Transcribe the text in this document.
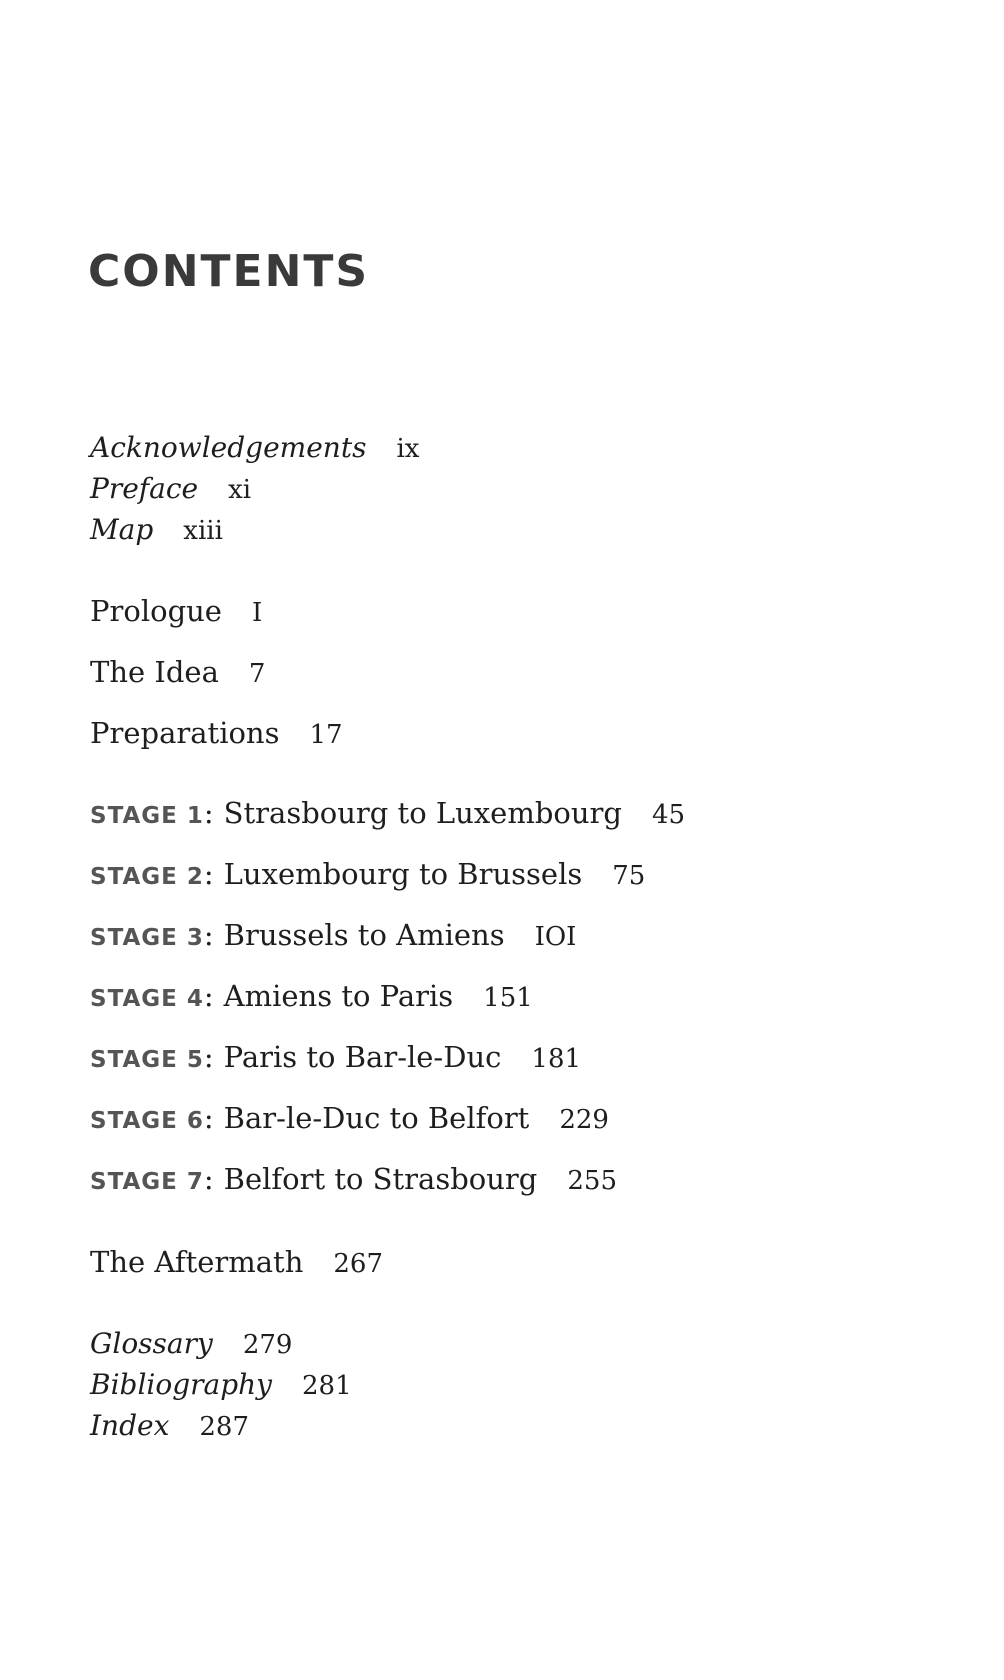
CONTENTS
Acknowledgements ix
Preface xi
Map xiii
Prologue I
The Idea 7
Preparations 17
STAGE 1: Strasbourg to Luxembourg 45
STAGE 2: Luxembourg to Brussels 75
STAGE 3: Brussels to Amiens IOI
STAGE 4: Amiens to Paris 151
STAGE 5: Paris to Bar-le-Duc 181
STAGE 6: Bar-le-Duc to Belfort 229
STAGE 7: Belfort to Strasbourg 255
The Aftermath 267
Glossary 279
Bibliography 281
Index 287
